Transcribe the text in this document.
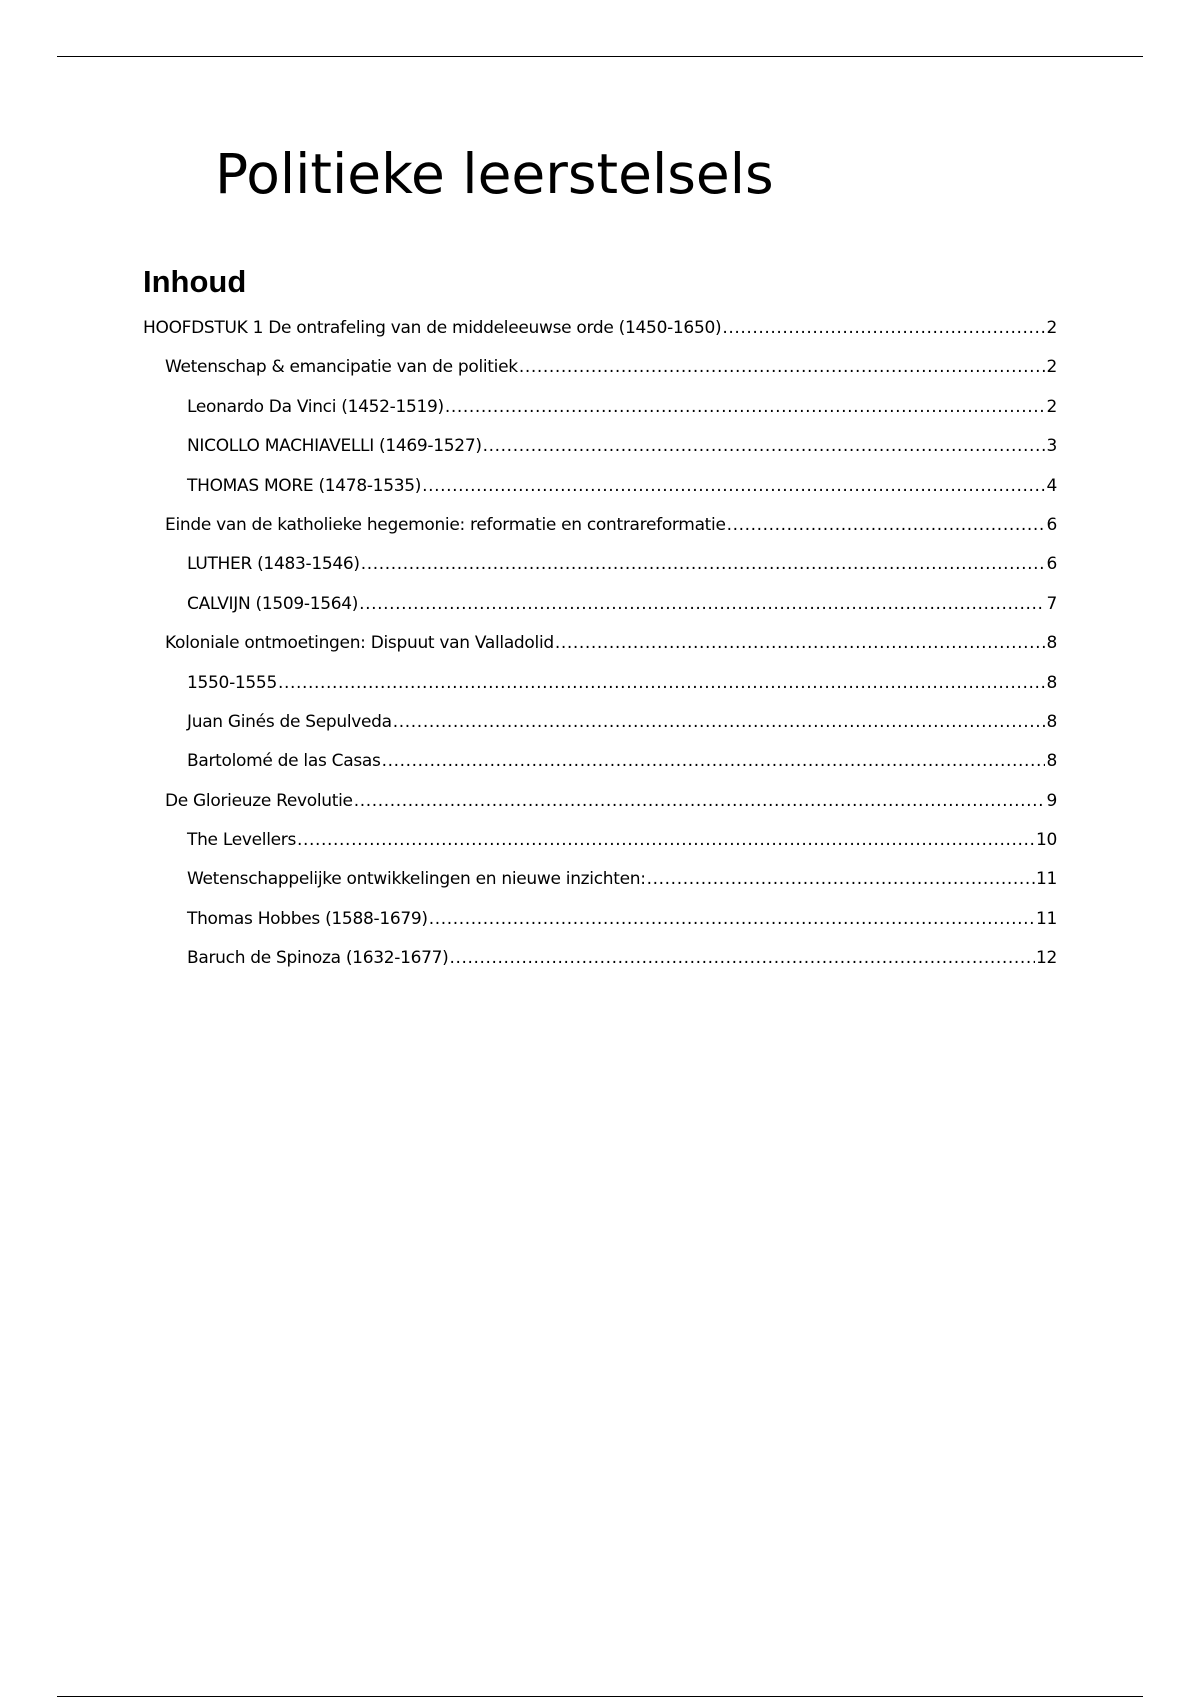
Politieke leerstelsels
Inhoud
HOOFDSTUK 1 De ontrafeling van de middeleeuwse orde (1450-1650) .....	2
Wetenschap & emancipatie van de politiek .....	2
Leonardo Da Vinci (1452-1519) .....	2
NICOLLO MACHIAVELLI (1469-1527) .....	3
THOMAS MORE (1478-1535) .....	4
Einde van de katholieke hegemonie: reformatie en contrareformatie .....	6
LUTHER (1483-1546) .....	6
CALVIJN (1509-1564) .....	7
Koloniale ontmoetingen: Dispuut van Valladolid .....	8
1550-1555 .....	8
Juan Ginés de Sepulveda .....	8
Bartolomé de las Casas .....	8
De Glorieuze Revolutie .....	9
The Levellers .....	10
Wetenschappelijke ontwikkelingen en nieuwe inzichten: .....	11
Thomas Hobbes (1588-1679) .....	11
Baruch de Spinoza (1632-1677) .....	12
